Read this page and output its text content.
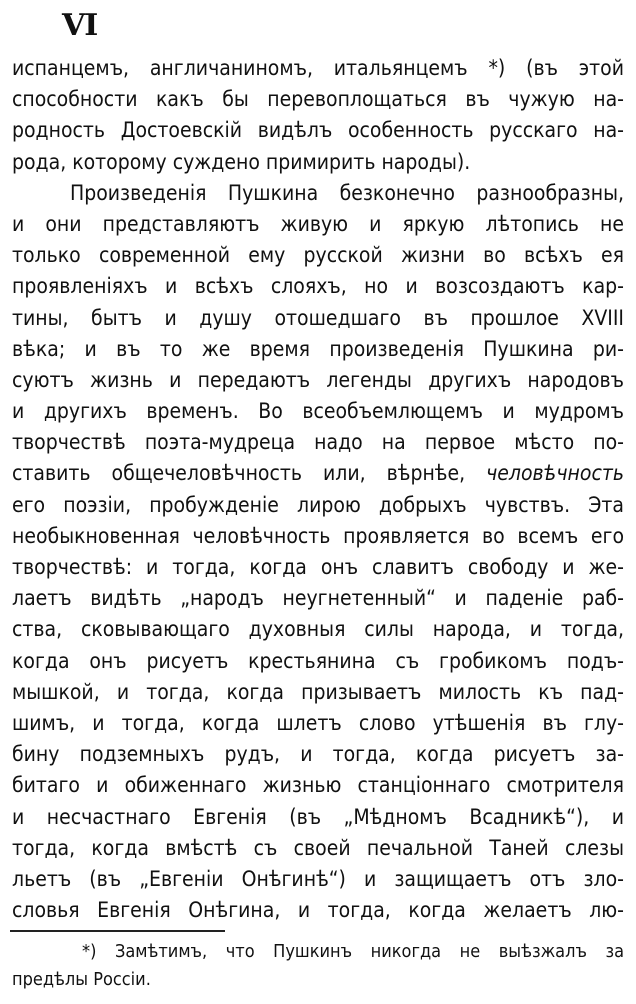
VI
испанцемъ, англичаниномъ, итальянцемъ *) (въ этой
способности какъ бы перевоплощаться въ чужую на-
родность Достоевскій видѣлъ особенность русскаго на-
рода, которому суждено примирить народы).
Произведенія Пушкина безконечно разнообразны,
и они представляютъ живую и яркую лѣтопись не
только современной ему русской жизни во всѣхъ ея
проявленіяхъ и всѣхъ слояхъ, но и возсоздаютъ кар-
тины, бытъ и душу отошедшаго въ прошлое XVIII
вѣка; и въ то же время произведенія Пушкина ри-
суютъ жизнь и передаютъ легенды другихъ народовъ
и другихъ временъ. Во всеобъемлющемъ и мудромъ
творчествѣ поэта-мудреца надо на первое мѣсто по-
ставить общечеловѣчность или, вѣрнѣе, человѣчность
его поэзіи, пробужденіе лирою добрыхъ чувствъ. Эта
необыкновенная человѣчность проявляется во всемъ его
творчествѣ: и тогда, когда онъ славитъ свободу и же-
лаетъ видѣть „народъ неугнетенный“ и паденіе раб-
ства, сковывающаго духовныя силы народа, и тогда,
когда онъ рисуетъ крестьянина съ гробикомъ подъ-
мышкой, и тогда, когда призываетъ милость къ пад-
шимъ, и тогда, когда шлетъ слово утѣшенія въ глу-
бину подземныхъ рудъ, и тогда, когда рисуетъ за-
битаго и обиженнаго жизнью станціоннаго смотрителя
и несчастнаго Евгенія (въ „Мѣдномъ Всадникѣ“), и
тогда, когда вмѣстѣ съ своей печальной Таней слезы
льетъ (въ „Евгеніи Онѣгинѣ“) и защищаетъ отъ зло-
словья Евгенія Онѣгина, и тогда, когда желаетъ лю-
*) Замѣтимъ, что Пушкинъ никогда не выѣзжалъ за
предѣлы Россіи.
